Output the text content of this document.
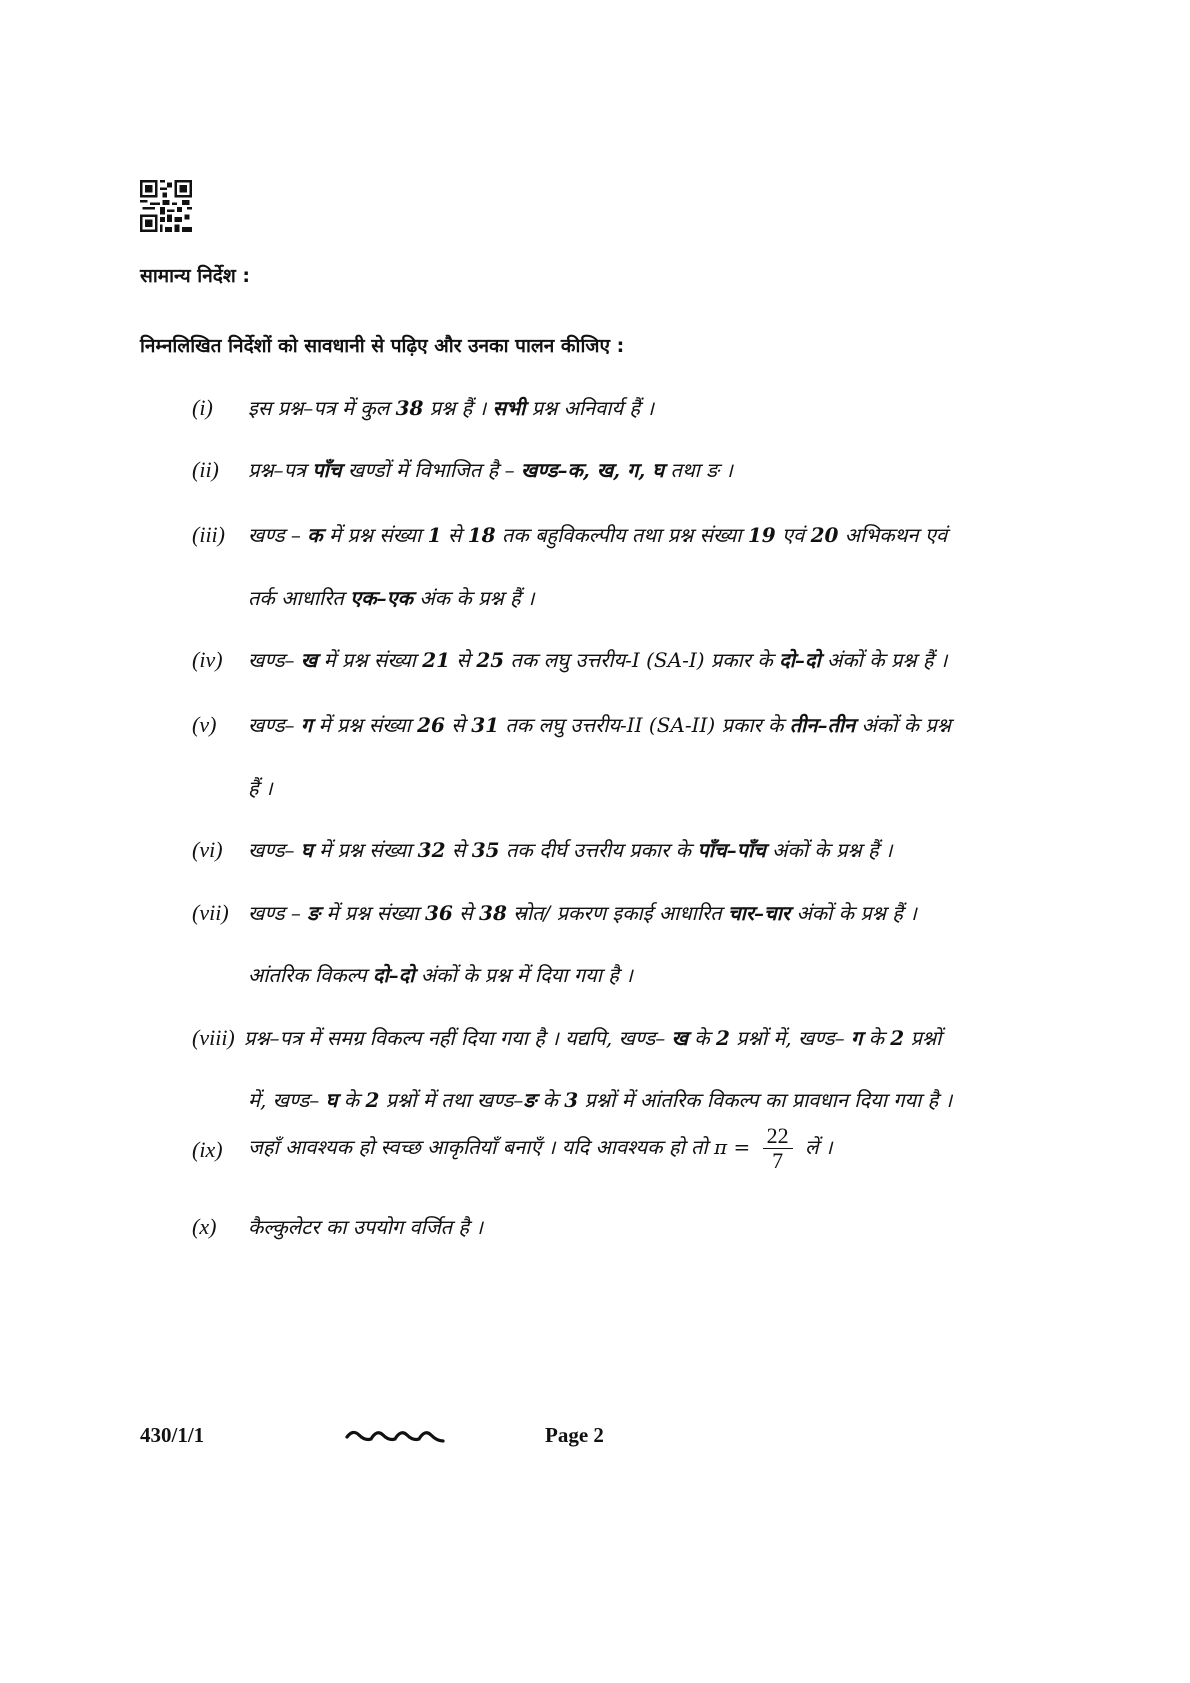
सामान्य निर्देश :
निम्नलिखित निर्देशों को सावधानी से पढ़िए और उनका पालन कीजिए :
(i) इस प्रश्न–पत्र में कुल 38 प्रश्न हैं । सभी प्रश्न अनिवार्य हैं ।
(ii) प्रश्न–पत्र पाँच खण्डों में विभाजित है – खण्ड–क, ख, ग, घ तथा ङ ।
(iii) खण्ड – क में प्रश्न संख्या 1 से 18 तक बहुविकल्पीय तथा प्रश्न संख्या 19 एवं 20 अभिकथन एवं
तर्क आधारित एक–एक अंक के प्रश्न हैं ।
(iv) खण्ड– ख में प्रश्न संख्या 21 से 25 तक लघु उत्तरीय-I (SA-I) प्रकार के दो–दो अंकों के प्रश्न हैं ।
(v) खण्ड– ग में प्रश्न संख्या 26 से 31 तक लघु उत्तरीय-II (SA-II) प्रकार के तीन–तीन अंकों के प्रश्न
हैं ।
(vi) खण्ड– घ में प्रश्न संख्या 32 से 35 तक दीर्घ उत्तरीय प्रकार के पाँच–पाँच अंकों के प्रश्न हैं ।
(vii) खण्ड – ङ में प्रश्न संख्या 36 से 38 स्रोत/ प्रकरण इकाई आधारित चार–चार अंकों के प्रश्न हैं ।
आंतरिक विकल्प दो–दो अंकों के प्रश्न में दिया गया है ।
(viii) प्रश्न–पत्र में समग्र विकल्प नहीं दिया गया है । यद्यपि, खण्ड– ख के 2 प्रश्नों में, खण्ड– ग के 2 प्रश्नों
में, खण्ड– घ के 2 प्रश्नों में तथा खण्ड–ङ के 3 प्रश्नों में आंतरिक विकल्प का प्रावधान दिया गया है ।
(ix) जहाँ आवश्यक हो स्वच्छ आकृतियाँ बनाएँ । यदि आवश्यक हो तो $\pi = \frac{22}{7}$ लें ।
(x) कैल्कुलेटर का उपयोग वर्जित है ।
430/1/1	Page 2
